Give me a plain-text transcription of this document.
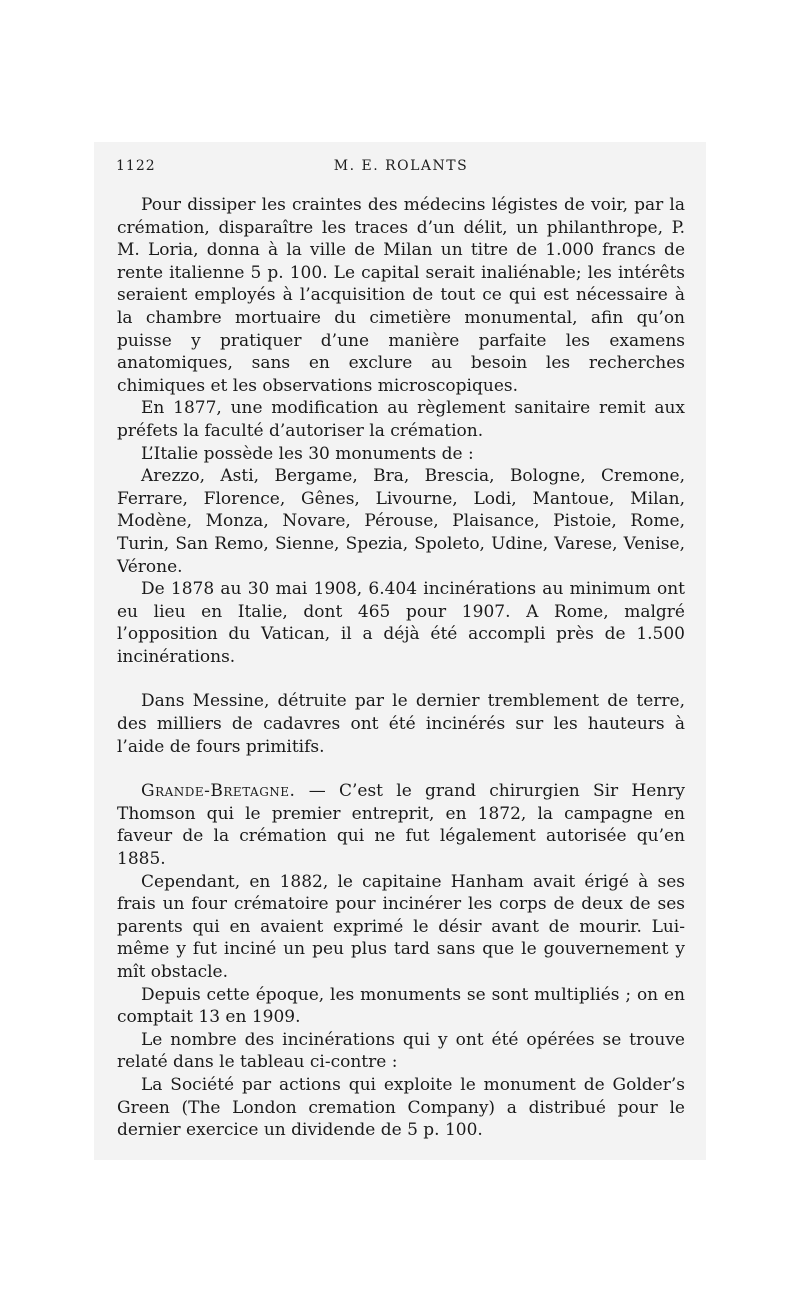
1122	M. E. ROLANTS

Pour dissiper les craintes des médecins légistes de voir, par la crémation, disparaître les traces d’un délit, un philanthrope, P. M. Loria, donna à la ville de Milan un titre de 1.000 francs de rente italienne 5 p. 100. Le capital serait inaliénable; les intérêts seraient employés à l’acquisition de tout ce qui est nécessaire à la chambre mortuaire du cimetière monumental, afin qu’on puisse y pratiquer d’une manière parfaite les examens anatomiques, sans en exclure au besoin les recherches chimiques et les observations microscopiques.

En 1877, une modification au règlement sanitaire remit aux préfets la faculté d’autoriser la crémation.

L’Italie possède les 30 monuments de :

Arezzo, Asti, Bergame, Bra, Brescia, Bologne, Cremone, Ferrare, Florence, Gênes, Livourne, Lodi, Mantoue, Milan, Modène, Monza, Novare, Pérouse, Plaisance, Pistoie, Rome, Turin, San Remo, Sienne, Spezia, Spoleto, Udine, Varese, Venise, Vérone.

De 1878 au 30 mai 1908, 6.404 incinérations au minimum ont eu lieu en Italie, dont 465 pour 1907. A Rome, malgré l’opposition du Vatican, il a déjà été accompli près de 1.500 incinérations.

Dans Messine, détruite par le dernier tremblement de terre, des milliers de cadavres ont été incinérés sur les hauteurs à l’aide de fours primitifs.

Grande-Bretagne. — C’est le grand chirurgien Sir Henry Thomson qui le premier entreprit, en 1872, la campagne en faveur de la crémation qui ne fut légalement autorisée qu’en 1885.

Cependant, en 1882, le capitaine Hanham avait érigé à ses frais un four crématoire pour incinérer les corps de deux de ses parents qui en avaient exprimé le désir avant de mourir. Lui-même y fut inciné un peu plus tard sans que le gouvernement y mît obstacle.

Depuis cette époque, les monuments se sont multipliés ; on en comptait 13 en 1909.

Le nombre des incinérations qui y ont été opérées se trouve relaté dans le tableau ci-contre :

La Société par actions qui exploite le monument de Golder’s Green (The London cremation Company) a distribué pour le dernier exercice un dividende de 5 p. 100.
